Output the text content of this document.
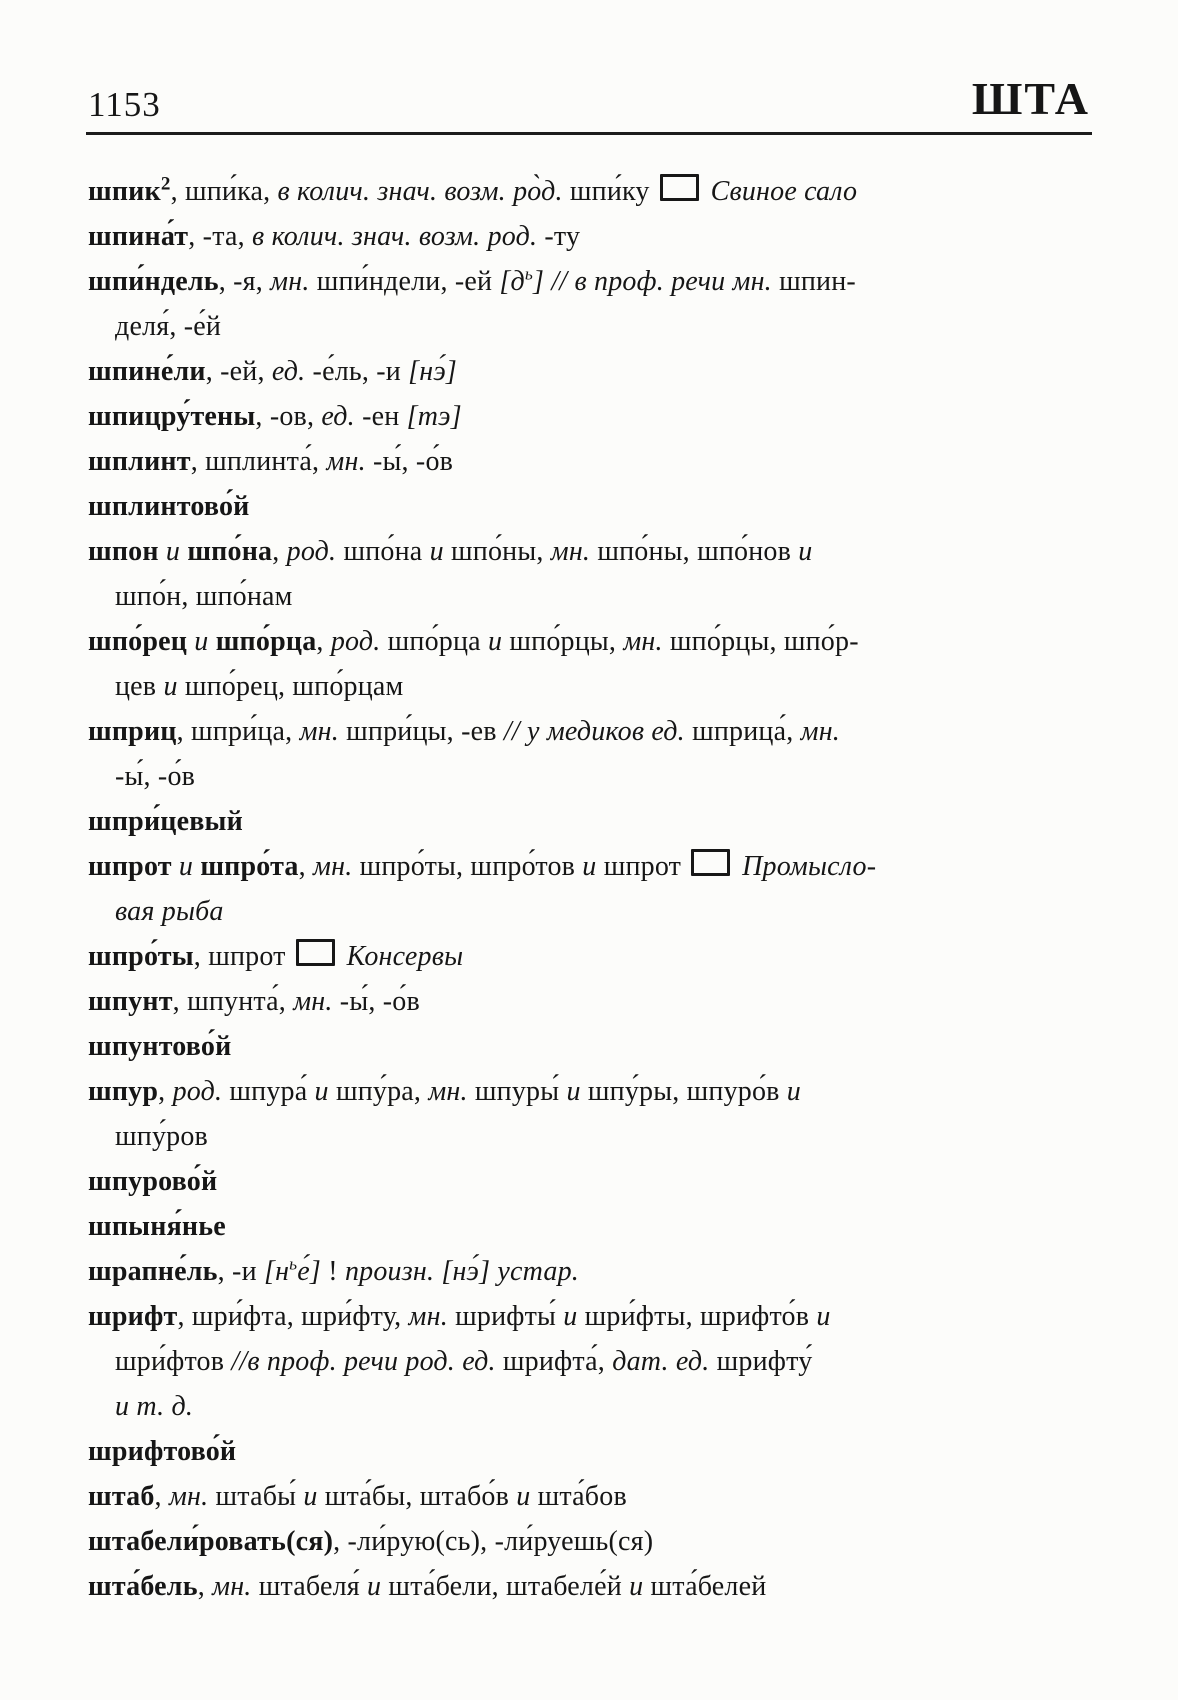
1153	ШТА

шпик$^2$, шпи́ка, в колич. знач. возм. ро̀д. шпи́ку Свиное сало

шпина́т, -та, в колич. знач. возм. род. -ту

шпи́ндель, -я, мн. шпи́ндели, -ей $[д^ь]$ // в проф. речи мн. шпин-
деля́, -е́й

шпине́ли, -ей, ед. -е́ль, -и [нэ́]

шпицру́тены, -ов, ед. -ен [тэ]

шплинт, шплинта́, мн. -ы́, -о́в

шплинтово́й

шпон и шпо́на, род. шпо́на и шпо́ны, мн. шпо́ны, шпо́нов и
шпо́н, шпо́нам

шпо́рец и шпо́рца, род. шпо́рца и шпо́рцы, мн. шпо́рцы, шпо́р-
цев и шпо́рец, шпо́рцам

шприц, шпри́ца, мн. шпри́цы, -ев // у медиков ед. шприца́, мн.
-ы́, -о́в

шпри́цевый

шпрот и шпро́та, мн. шпро́ты, шпро́тов и шпрот Промысло-
вая рыба

шпро́ты, шпрот Консервы

шпунт, шпунта́, мн. -ы́, -о́в

шпунтово́й

шпур, род. шпура́ и шпу́ра, мн. шпуры́ и шпу́ры, шпуро́в и
шпу́ров

шпурово́й

шпыня́нье

шрапне́ль, -и $[н^ье́]$ ! произн. [нэ́] устар.

шрифт, шри́фта, шри́фту, мн. шрифты́ и шри́фты, шрифто́в и
шри́фтов //в проф. речи род. ед. шрифта́, дат. ед. шрифту́
и т. д.

шрифтово́й

штаб, мн. штабы́ и шта́бы, штабо́в и шта́бов

штабели́ровать(ся), -ли́рую(сь), -ли́руешь(ся)

шта́бель, мн. штабеля́ и шта́бели, штабеле́й и шта́белей
